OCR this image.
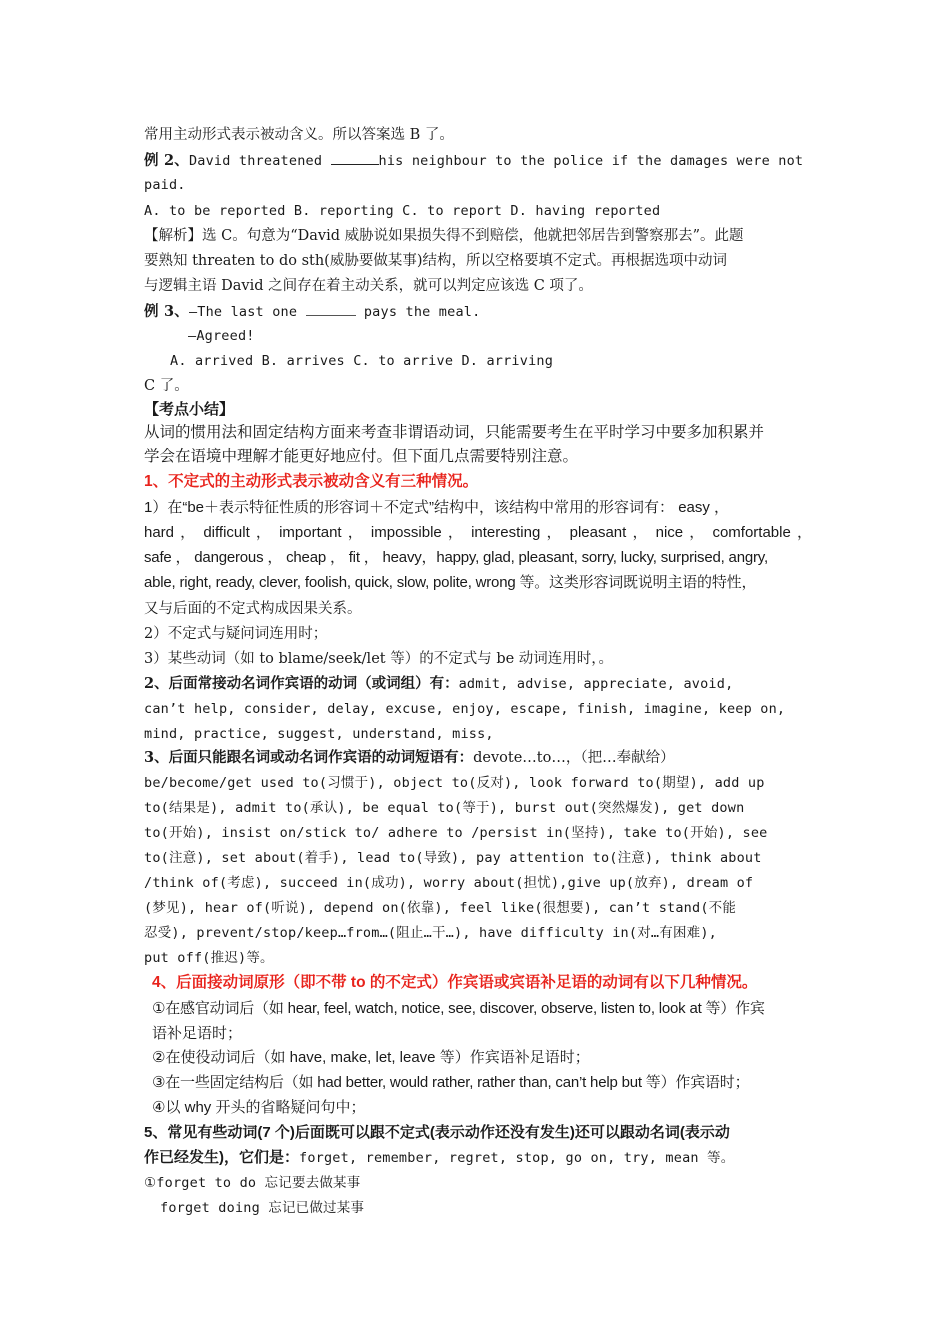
常用主动形式表示被动含义。所以答案选 B 了。
例 2、David threatened	his neighbour to the police if the damages were not
paid.
A. to be reported B. reporting C. to report D. having reported
【解析】选 C。句意为“David 威胁说如果损失得不到赔偿，他就把邻居告到警察那去”。此题
要熟知 threaten to do sth(威胁要做某事)结构，所以空格要填不定式。再根据选项中动词
与逻辑主语 David 之间存在着主动关系，就可以判定应该选 C 项了。
例 3、—The last one	pays the meal.
—Agreed!
A. arrived B. arrives C. to arrive D. arriving
C 了。
【考点小结】
从词的惯用法和固定结构方面来考查非谓语动词，只能需要考生在平时学习中要多加积累并
学会在语境中理解才能更好地应付。但下面几点需要特别注意。
1、不定式的主动形式表示被动含义有三种情况。
1）在“be＋表示特征性质的形容词＋不定式”结构中，该结构中常用的形容词有： easy ，
hard ， difficult ， important ， impossible ， interesting ， pleasant ， nice ， comfortable ，
safe ， dangerous ， cheap ， fit ， heavy，happy, glad, pleasant, sorry, lucky, surprised, angry,
able, right, ready, clever, foolish, quick, slow, polite, wrong 等。这类形容词既说明主语的特性，
又与后面的不定式构成因果关系。
2）不定式与疑问词连用时；
3）某些动词（如 to blame/seek/let 等）的不定式与 be 动词连用时，。
2、后面常接动名词作宾语的动词（或词组）有：admit, advise, appreciate, avoid,
can’t help, consider, delay, excuse, enjoy, escape, finish, imagine, keep on,
mind, practice, suggest, understand, miss,
3、后面只能跟名词或动名词作宾语的动词短语有：devote…to…，（把…奉献给）
be/become/get used to(习惯于), object to(反对), look forward to(期望), add up
to(结果是), admit to(承认), be equal to(等于), burst out(突然爆发), get down
to(开始), insist on/stick to/ adhere to /persist in(坚持), take to(开始), see
to(注意), set about(着手), lead to(导致), pay attention to(注意), think about
/think of(考虑), succeed in(成功), worry about(担忧),give up(放弃), dream of
(梦见), hear of(听说), depend on(依靠), feel like(很想要), can’t stand(不能
忍受), prevent/stop/keep…from…(阻止…干…), have difficulty in(对…有困难),
put off(推迟)等。
4、后面接动词原形（即不带 to 的不定式）作宾语或宾语补足语的动词有以下几种情况。
①在感官动词后（如 hear, feel, watch, notice, see, discover, observe, listen to, look at 等）作宾
语补足语时；
②在使役动词后（如 have, make, let, leave 等）作宾语补足语时；
③在一些固定结构后（如 had better, would rather, rather than, can’t help but 等）作宾语时；
④以 why 开头的省略疑问句中；
5、常见有些动词(7 个)后面既可以跟不定式(表示动作还没有发生)还可以跟动名词(表示动
作已经发生)，它们是：forget, remember, regret, stop, go on, try, mean 等。
①forget to do 忘记要去做某事
forget doing 忘记已做过某事
